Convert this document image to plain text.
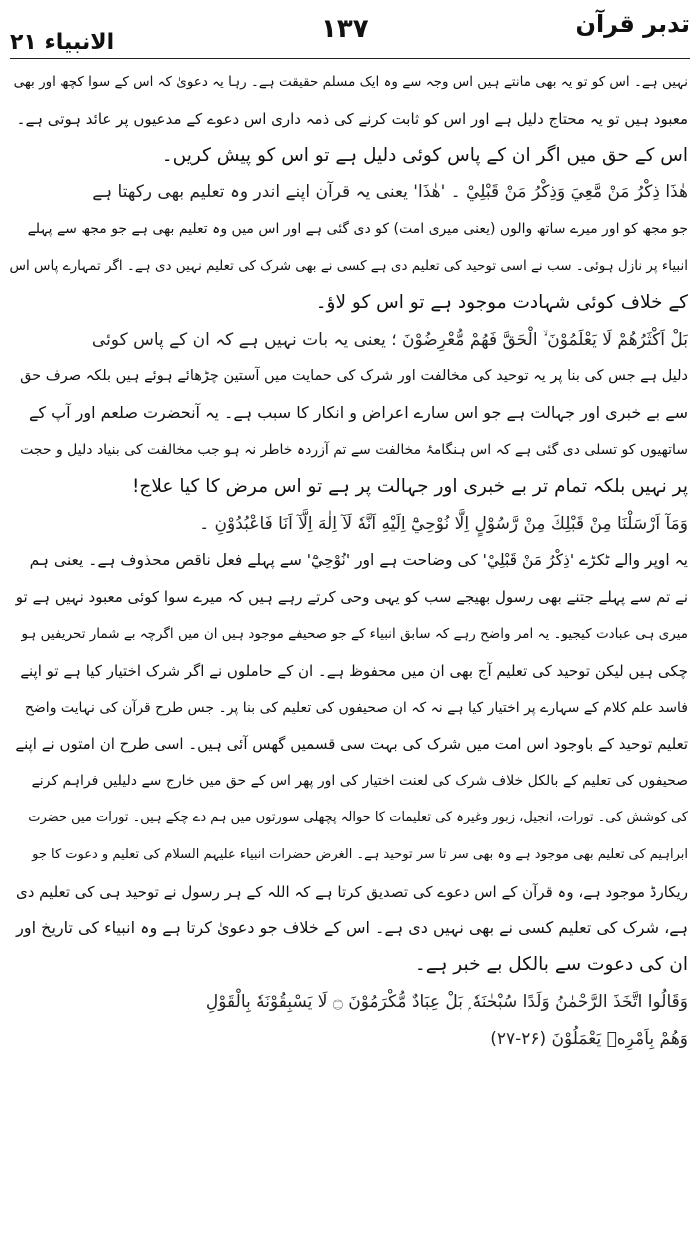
الانبیاء ۲۱	۱۳۷	تدبر قرآن
نہیں ہے۔ اس کو تو یہ بھی مانتے ہیں اس وجہ سے وہ ایک مسلم حقیقت ہے۔ رہا یہ دعویٰ کہ اس کے سوا کچھ اور بھی
معبود ہیں تو یہ محتاج دلیل ہے اور اس کو ثابت کرنے کی ذمہ داری اس دعوے کے مدعیوں پر عائد ہوتی ہے۔
اس کے حق میں اگر ان کے پاس کوئی دلیل ہے تو اس کو پیش کریں۔
هٰذَا ذِكْرُ مَنْ مَّعِيَ وَذِكْرُ مَنْ قَبْلِيْ ۔ 'هٰذَا' یعنی یہ قرآن اپنے اندر وہ تعلیم بھی رکھتا ہے
جو مجھ کو اور میرے ساتھ والوں (یعنی میری امت) کو دی گئی ہے اور اس میں وہ تعلیم بھی ہے جو مجھ سے پہلے
انبیاء پر نازل ہوئی۔ سب نے اسی توحید کی تعلیم دی ہے کسی نے بھی شرک کی تعلیم نہیں دی ہے۔ اگر تمہارے پاس اس
کے خلاف کوئی شہادت موجود ہے تو اس کو لاؤ۔
بَلْ اَكْثَرُهُمْ لَا يَعْلَمُوْنَ ۙ الْحَقَّ فَهُمْ مُّعْرِضُوْنَ ؛ یعنی یہ بات نہیں ہے کہ ان کے پاس کوئی
دلیل ہے جس کی بنا پر یہ توحید کی مخالفت اور شرک کی حمایت میں آستین چڑھائے ہوئے ہیں بلکہ صرف حق
سے بے خبری اور جہالت ہے جو اس سارے اعراض و انکار کا سبب ہے۔ یہ آنحضرت صلعم اور آپ کے
ساتھیوں کو تسلی دی گئی ہے کہ اس ہنگامۂ مخالفت سے تم آزردہ خاطر نہ ہو جب مخالفت کی بنیاد دلیل و حجت
پر نہیں بلکہ تمام تر بے خبری اور جہالت پر ہے تو اس مرض کا کیا علاج!
وَمَآ اَرْسَلْنَا مِنْ قَبْلِكَ مِنْ رَّسُوْلٍ اِلَّا نُوْحِيْٓ اِلَيْهِ اَنَّهٗ لَآ اِلٰهَ اِلَّآ اَنَا فَاعْبُدُوْنِ ۔
یہ اوپر والے ٹکڑے 'ذِكْرُ مَنْ قَبْلِيْ' کی وضاحت ہے اور 'نُوْحِيْٓ' سے پہلے فعل ناقص محذوف ہے۔ یعنی ہم
نے تم سے پہلے جتنے بھی رسول بھیجے سب کو یہی وحی کرتے رہے ہیں کہ میرے سوا کوئی معبود نہیں ہے تو
میری ہی عبادت کیجیو۔ یہ امر واضح رہے کہ سابق انبیاء کے جو صحیفے موجود ہیں ان میں اگرچہ بے شمار تحریفیں ہو
چکی ہیں لیکن توحید کی تعلیم آج بھی ان میں محفوظ ہے۔ ان کے حاملوں نے اگر شرک اختیار کیا ہے تو اپنے
فاسد علم کلام کے سہارے پر اختیار کیا ہے نہ کہ ان صحیفوں کی تعلیم کی بنا پر۔ جس طرح قرآن کی نہایت واضح
تعلیم توحید کے باوجود اس امت میں شرک کی بہت سی قسمیں گھس آئی ہیں۔ اسی طرح ان امتوں نے اپنے
صحیفوں کی تعلیم کے بالکل خلاف شرک کی لعنت اختیار کی اور پھر اس کے حق میں خارج سے دلیلیں فراہم کرنے
کی کوشش کی۔ تورات، انجیل، زبور وغیرہ کی تعلیمات کا حوالہ پچھلی سورتوں میں ہم دے چکے ہیں۔ تورات میں حضرت
ابراہیم کی تعلیم بھی موجود ہے وہ بھی سر تا سر توحید ہے۔ الغرض حضرات انبیاء علیہم السلام کی تعلیم و دعوت کا جو
ریکارڈ موجود ہے، وہ قرآن کے اس دعوے کی تصدیق کرتا ہے کہ اللہ کے ہر رسول نے توحید ہی کی تعلیم دی
ہے، شرک کی تعلیم کسی نے بھی نہیں دی ہے۔ اس کے خلاف جو دعویٰ کرتا ہے وہ انبیاء کی تاریخ اور
ان کی دعوت سے بالکل بے خبر ہے۔
وَقَالُوا اتَّخَذَ الرَّحْمٰنُ وَلَدًا سُبْحٰنَهٗ ۭ بَلْ عِبَادٌ مُّكْرَمُوْنَ ۝ لَا يَسْبِقُوْنَهٗ بِالْقَوْلِ
وَهُمْ بِاَمْرِهٖ يَعْمَلُوْنَ (۲۶-۲۷)
